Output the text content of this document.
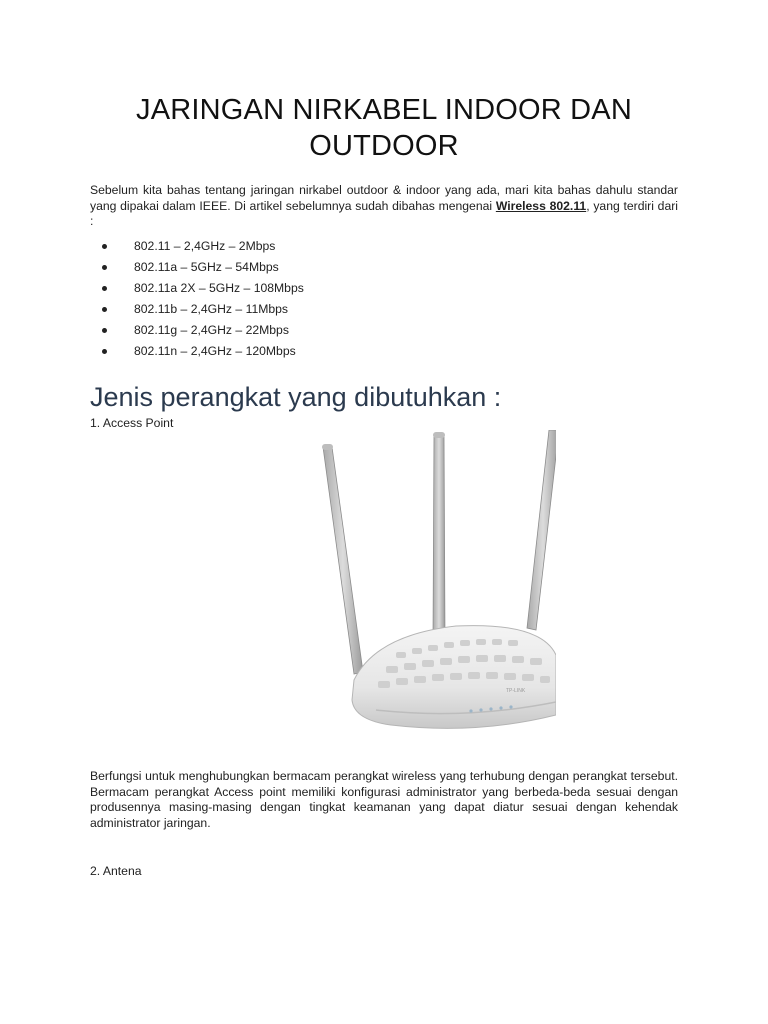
JARINGAN NIRKABEL INDOOR DAN OUTDOOR

Sebelum kita bahas tentang jaringan nirkabel outdoor & indoor yang ada, mari kita bahas dahulu standar yang dipakai dalam IEEE. Di artikel sebelumnya sudah dibahas mengenai Wireless 802.11, yang terdiri dari :

802.11 – 2,4GHz – 2Mbps
802.11a – 5GHz – 54Mbps
802.11a 2X – 5GHz – 108Mbps
802.11b – 2,4GHz – 11Mbps
802.11g – 2,4GHz – 22Mbps
802.11n – 2,4GHz – 120Mbps
Jenis perangkat yang dibutuhkan :

1. Access Point

TP-LINK

Berfungsi untuk menghubungkan bermacam perangkat wireless yang terhubung dengan perangkat tersebut. Bermacam perangkat Access point memiliki konfigurasi administrator yang berbeda-beda sesuai dengan produsennya masing-masing dengan tingkat keamanan yang dapat diatur sesuai dengan kehendak administrator jaringan.

2. Antena
